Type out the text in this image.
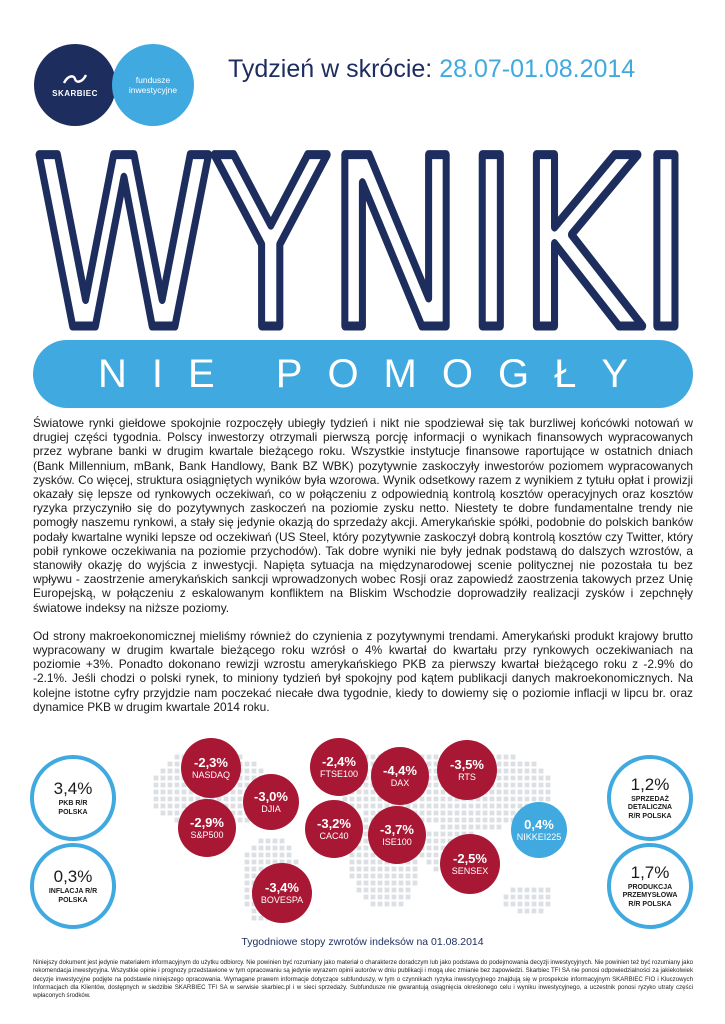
SKARBIEC
fundusze
inwestycyjne
Tydzień w skrócie: 28.07-01.08.2014
WYNIKI
NIE POMOGŁY

Światowe rynki giełdowe spokojnie rozpoczęły ubiegły tydzień i nikt nie spodziewał się tak burzliwej końcówki notowań w drugiej części tygodnia. Polscy inwestorzy otrzymali pierwszą porcję informacji o wynikach finansowych wypracowanych przez wybrane banki w drugim kwartale bieżącego roku. Wszystkie instytucje finansowe raportujące w ostatnich dniach (Bank Millennium, mBank, Bank Handlowy, Bank BZ WBK) pozytywnie zaskoczyły inwestorów poziomem wypracowanych zysków. Co więcej, struktura osiągniętych wyników była wzorowa. Wynik odsetkowy razem z wynikiem z tytułu opłat i prowizji okazały się lepsze od rynkowych oczekiwań, co w połączeniu z odpowiednią kontrolą kosztów operacyjnych oraz kosztów ryzyka przyczyniło się do pozytywnych zaskoczeń na poziomie zysku netto. Niestety te dobre fundamentalne trendy nie pomogły naszemu rynkowi, a stały się jedynie okazją do sprzedaży akcji. Amerykańskie spółki, podobnie do polskich banków podały kwartalne wyniki lepsze od oczekiwań (US Steel, który pozytywnie zaskoczył dobrą kontrolą kosztów czy Twitter, który pobił rynkowe oczekiwania na poziomie przychodów). Tak dobre wyniki nie były jednak podstawą do dalszych wzrostów, a stanowiły okazję do wyjścia z inwestycji. Napięta sytuacja na międzynarodowej scenie politycznej nie pozostała tu bez wpływu - zaostrzenie amerykańskich sankcji wprowadzonych wobec Rosji oraz zapowiedź zaostrzenia takowych przez Unię Europejską, w połączeniu z eskalowanym konfliktem na Bliskim Wschodzie doprowadziły realizacji zysków i zepchnęły światowe indeksy na niższe poziomy.

Od strony makroekonomicznej mieliśmy również do czynienia z pozytywnymi trendami. Amerykański produkt krajowy brutto wypracowany w drugim kwartale bieżącego roku wzrósł o 4% kwartał do kwartału przy rynkowych oczekiwaniach na poziomie +3%. Ponadto dokonano rewizji wzrostu amerykańskiego PKB za pierwszy kwartał bieżącego roku z -2.9% do -2.1%. Jeśli chodzi o polski rynek, to miniony tydzień był spokojny pod kątem publikacji danych makroekonomicznych. Na kolejne istotne cyfry przyjdzie nam poczekać niecałe dwa tygodnie, kiedy to dowiemy się o poziomie inflacji w lipcu br. oraz dynamice PKB w drugim kwartale 2014 roku.

3,4%
PKB R/R POLSKA
0,3%
INFLACJA R/R POLSKA
1,2%
SPRZEDAŻ DETALICZNA R/R POLSKA
1,7%
PRODUKCJA PRZEMYSŁOWA R/R POLSKA
-2,3%
NASDAQ
-2,4%
FTSE100 -4,4%
DAX
-3,5%
RTS
-3,0%
DJIA
-2,9%
S&P500
-3,2%
CAC40 -3,7%
ISE100
0,4%
NIKKEI225
-2,5%
SENSEX
-3,4%
BOVESPA
Tygodniowe stopy zwrotów indeksów na 01.08.2014
Niniejszy dokument jest jedynie materiałem informacyjnym do użytku odbiorcy. Nie powinien być rozumiany jako materiał o charakterze doradczym lub jako podstawa do podejmowania decyzji inwestycyjnych. Nie powinien też być rozumiany jako rekomendacja inwestycyjna. Wszystkie opinie i prognozy przedstawione w tym opracowaniu są jedynie wyrazem opinii autorów w dniu publikacji i mogą ulec zmianie bez zapowiedzi. Skarbiec TFI SA nie ponosi odpowiedzialności za jakiekolwiek decyzje inwestycyjne podjęte na podstawie niniejszego opracowania. Wymagane prawem informacje dotyczące subfunduszy, w tym o czynnikach ryzyka inwestycyjnego znajdują się w prospekcie informacyjnym SKARBIEC FIO i Kluczowych Informacjach dla Klientów, dostępnych w siedzibie SKARBIEC TFI SA w serwisie skarbiec.pl i w sieci sprzedaży. Subfundusze nie gwarantują osiągnięcia określonego celu i wyniku inwestycyjnego, a uczestnik ponosi ryzyko utraty części wpłaconych środków.
